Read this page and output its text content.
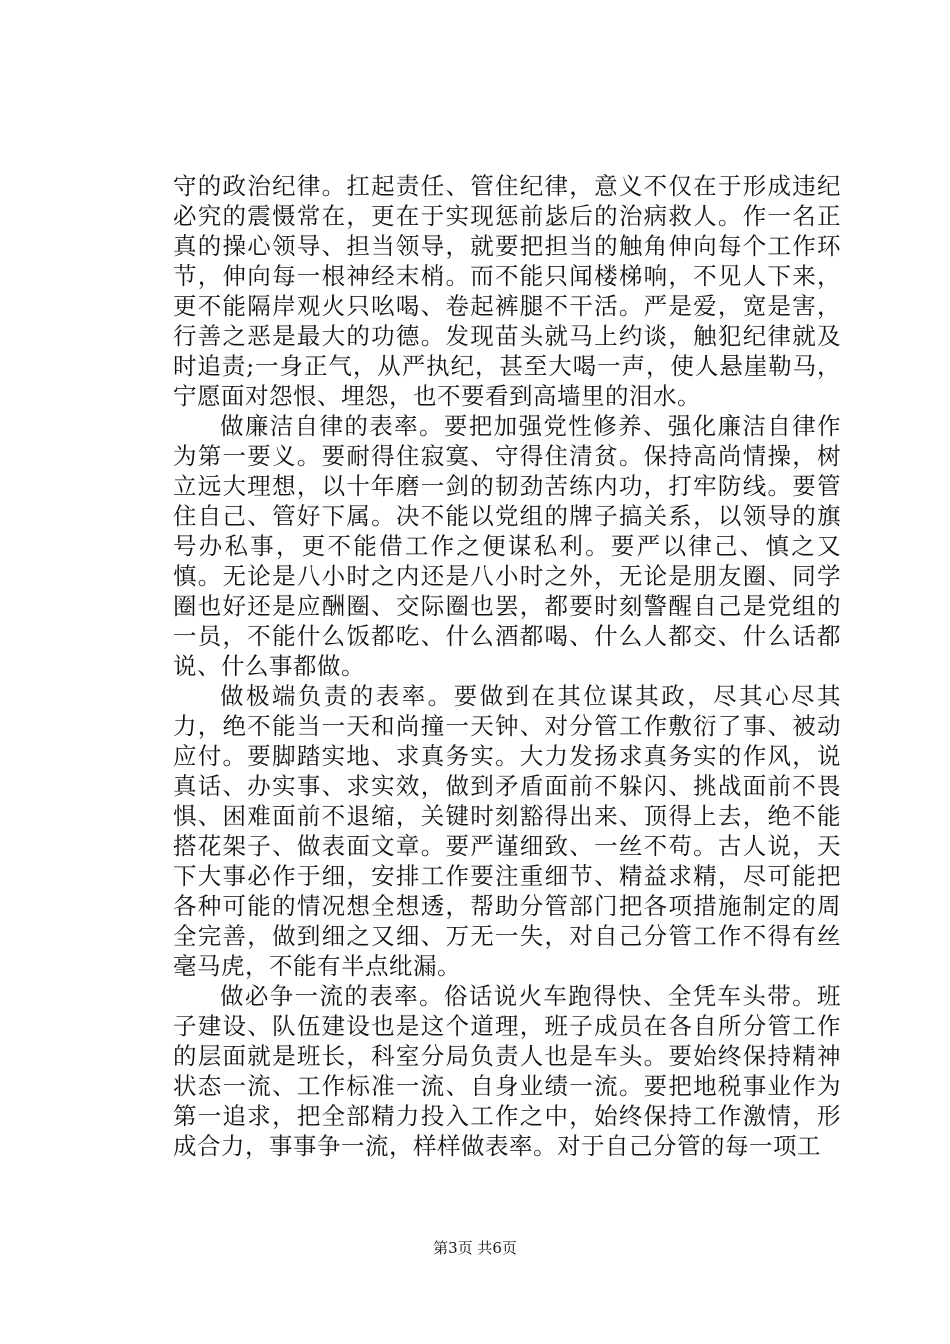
守的政治纪律。扛起责任、管住纪律，意义不仅在于形成违纪必究的震慑常在，更在于实现惩前毖后的治病救人。作一名正真的操心领导、担当领导，就要把担当的触角伸向每个工作环节，伸向每一根神经末梢。而不能只闻楼梯响，不见人下来，更不能隔岸观火只吆喝、卷起裤腿不干活。严是爱，宽是害，行善之恶是最大的功德。发现苗头就马上约谈，触犯纪律就及时追责;一身正气，从严执纪，甚至大喝一声，使人悬崖勒马，宁愿面对怨恨、埋怨，也不要看到高墙里的泪水。

做廉洁自律的表率。要把加强党性修养、强化廉洁自律作为第一要义。要耐得住寂寞、守得住清贫。保持高尚情操，树立远大理想，以十年磨一剑的韧劲苦练内功，打牢防线。要管住自己、管好下属。决不能以党组的牌子搞关系，以领导的旗号办私事，更不能借工作之便谋私利。要严以律己、慎之又慎。无论是八小时之内还是八小时之外，无论是朋友圈、同学圈也好还是应酬圈、交际圈也罢，都要时刻警醒自己是党组的一员，不能什么饭都吃、什么酒都喝、什么人都交、什么话都说、什么事都做。

做极端负责的表率。要做到在其位谋其政，尽其心尽其力，绝不能当一天和尚撞一天钟、对分管工作敷衍了事、被动应付。要脚踏实地、求真务实。大力发扬求真务实的作风，说真话、办实事、求实效，做到矛盾面前不躲闪、挑战面前不畏惧、困难面前不退缩，关键时刻豁得出来、顶得上去，绝不能搭花架子、做表面文章。要严谨细致、一丝不苟。古人说，天下大事必作于细，安排工作要注重细节、精益求精，尽可能把各种可能的情况想全想透，帮助分管部门把各项措施制定的周全完善，做到细之又细、万无一失，对自己分管工作不得有丝毫马虎，不能有半点纰漏。

做必争一流的表率。俗话说火车跑得快、全凭车头带。班子建设、队伍建设也是这个道理，班子成员在各自所分管工作的层面就是班长，科室分局负责人也是车头。要始终保持精神状态一流、工作标准一流、自身业绩一流。要把地税事业作为第一追求，把全部精力投入工作之中，始终保持工作激情，形成合力，事事争一流，样样做表率。对于自己分管的每一项工

第3页 共6页
